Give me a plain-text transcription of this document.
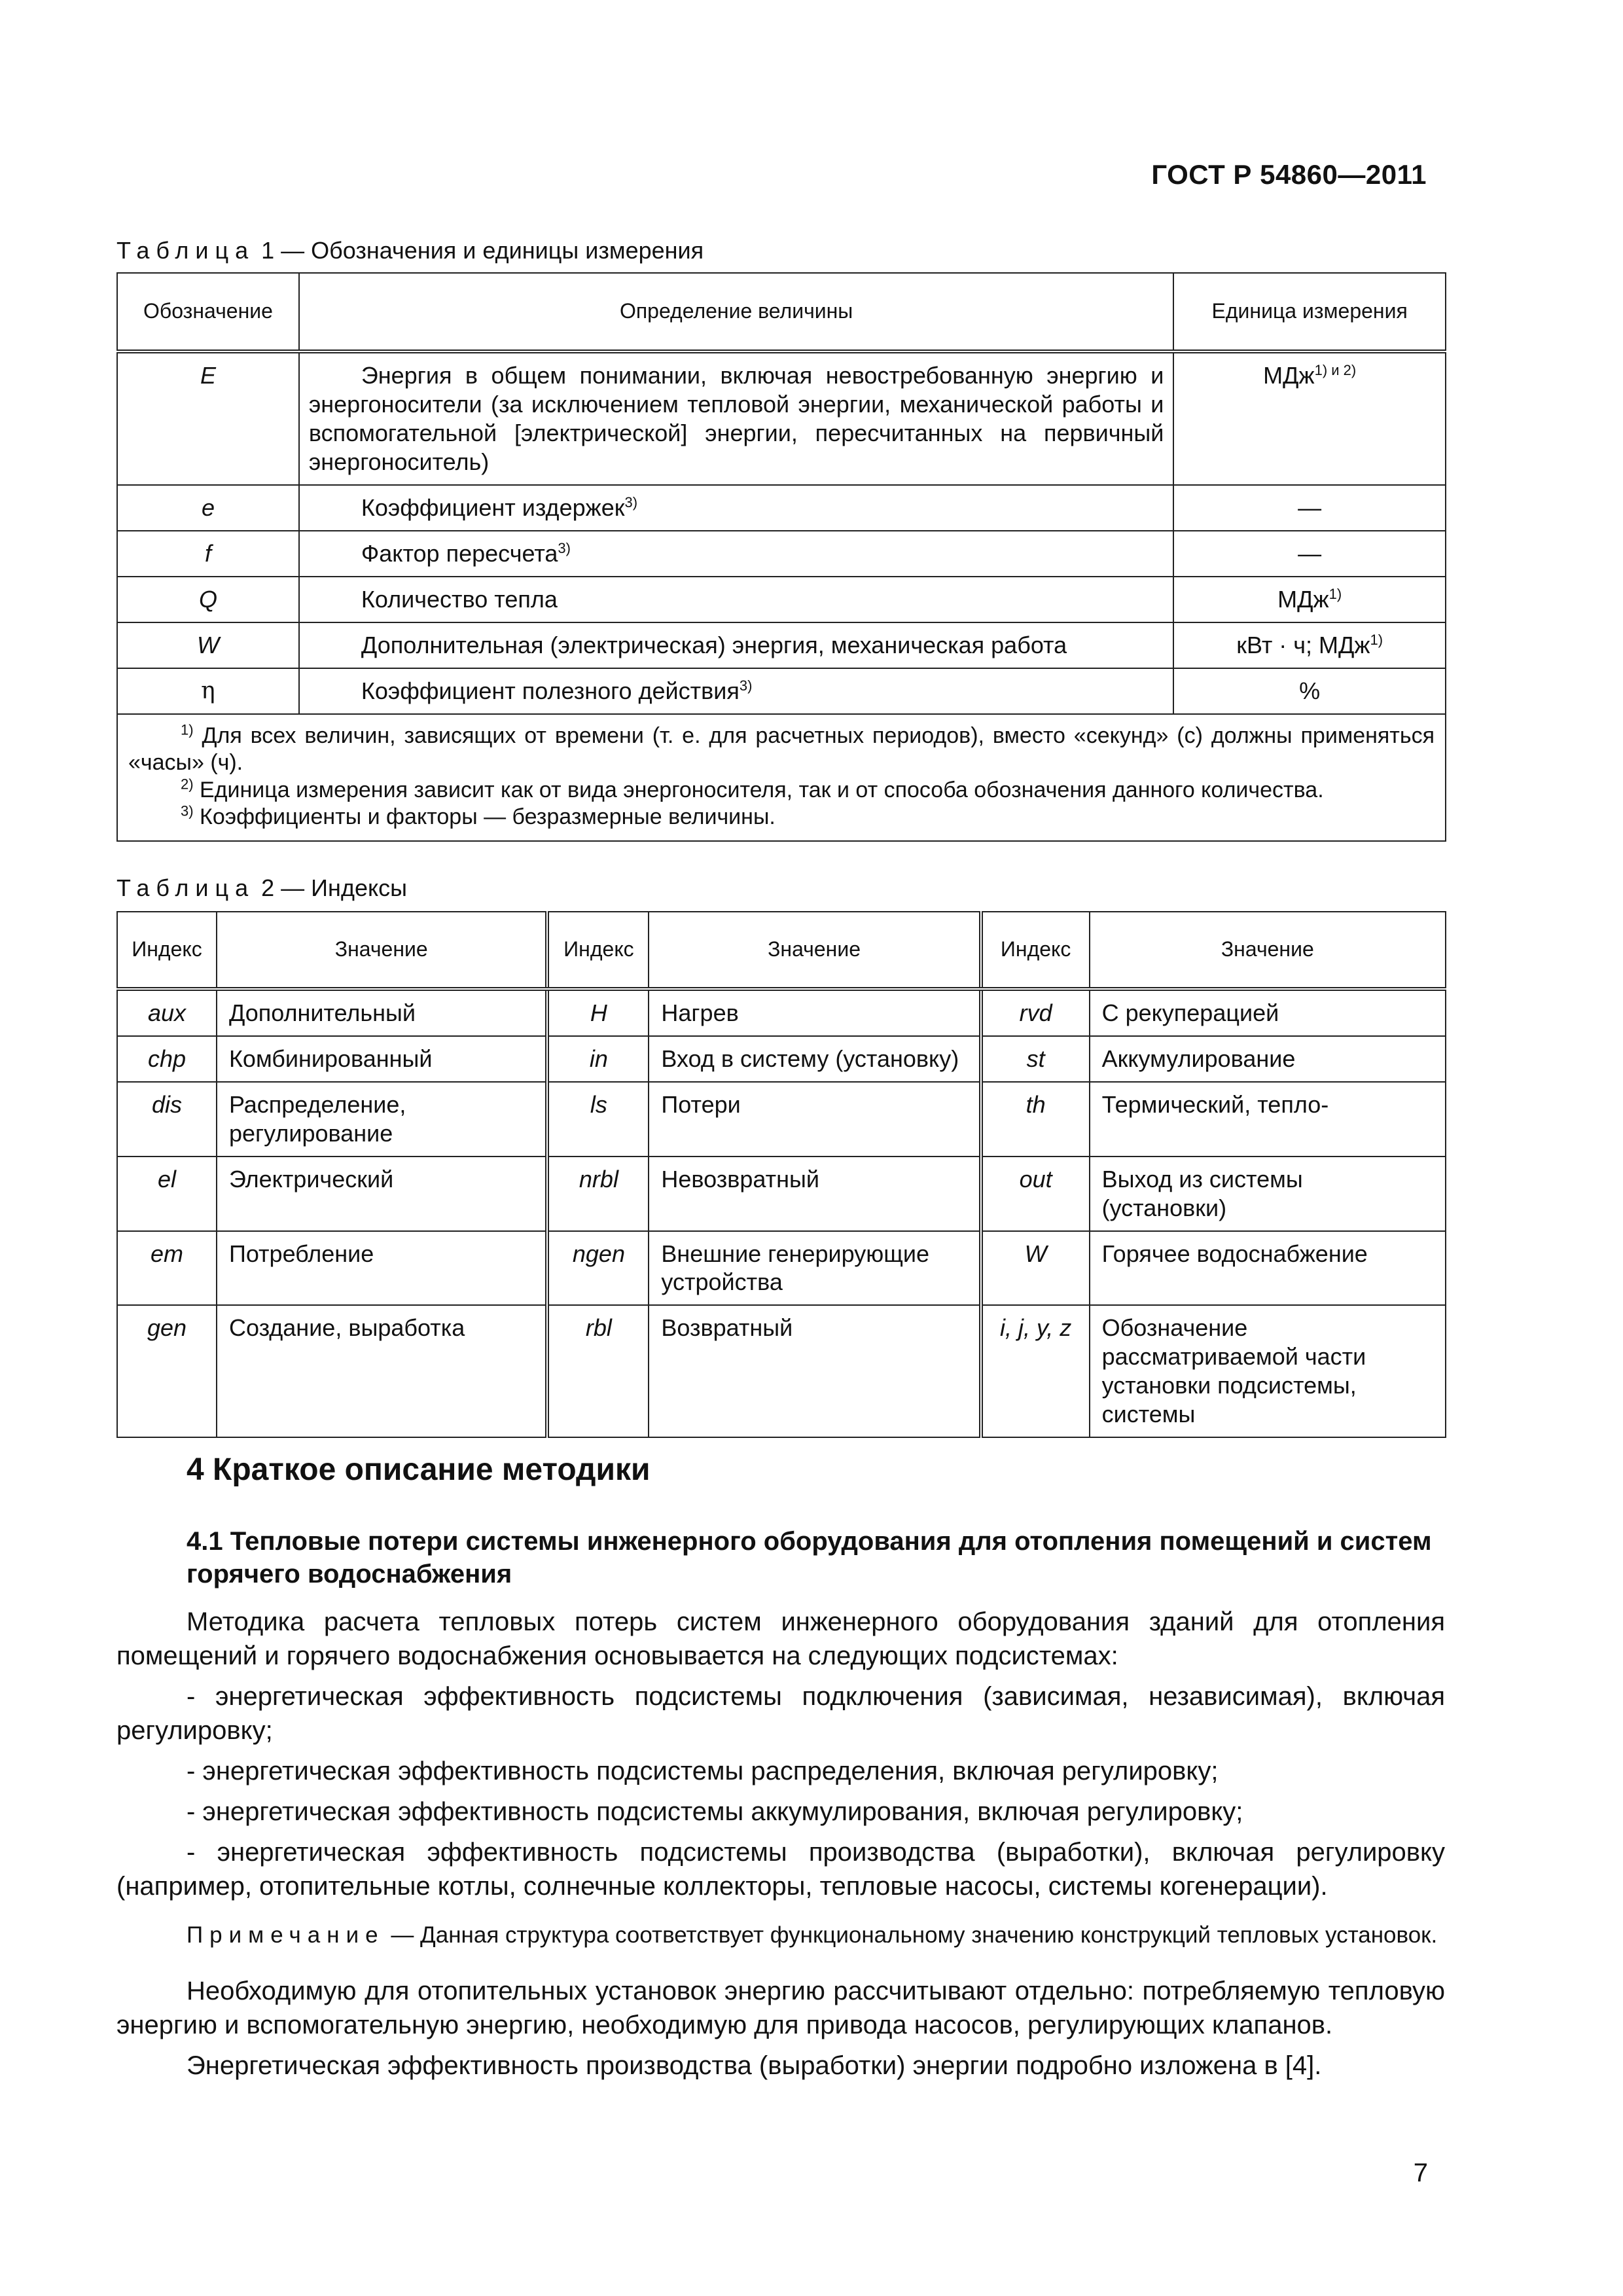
ГОСТ Р 54860—2011
Таблица 1 — Обозначения и единицы измерения
Обозначение	Определение величины	Единица измерения
E	Энергия в общем понимании, включая невостребованную энергию и энергоносители (за исключением тепловой энергии, механической работы и вспомогательной [электрической] энергии, пересчитанных на первичный энергоноситель)	МДж$^{1) и 2)}$
e	Коэффициент издержек$^{3)}$	—
f	Фактор пересчета$^{3)}$	—
Q	Количество тепла	МДж$^{1)}$
W	Дополнительная (электрическая) энергия, механическая работа	кВт · ч; МДж$^{1)}$
η	Коэффициент полезного действия$^{3)}$	%

$^{1)}$ Для всех величин, зависящих от времени (т. е. для расчетных периодов), вместо «секунд» (с) должны применяться «часы» (ч).

$^{2)}$ Единица измерения зависит как от вида энергоносителя, так и от способа обозначения данного количества.

$^{3)}$ Коэффициенты и факторы — безразмерные величины.		

Таблица 2 — Индексы
Индекс	Значение	Индекс	Значение	Индекс	Значение
aux	Дополнительный	H	Нагрев	rvd	С рекуперацией
chp	Комбинированный	in	Вход в систему (установку)	st	Аккумулирование
dis	Распределение, регулирование	ls	Потери	th	Термический, тепло-
el	Электрический	nrbl	Невозвратный	out	Выход из системы (установки)
em	Потребление	ngen	Внешние генерирующие устройства	W	Горячее водоснабжение
gen	Создание, выработка	rbl	Возвратный	i, j, y, z	Обозначение рассматриваемой части установки подсистемы, системы
4 Краткое описание методики
4.1 Тепловые потери системы инженерного оборудования для отопления помещений и систем горячего водоснабжения

Методика расчета тепловых потерь систем инженерного оборудования зданий для отопления помещений и горячего водоснабжения основывается на следующих подсистемах:

- энергетическая эффективность подсистемы подключения (зависимая, независимая), включая регулировку;

- энергетическая эффективность подсистемы распределения, включая регулировку;

- энергетическая эффективность подсистемы аккумулирования, включая регулировку;

- энергетическая эффективность подсистемы производства (выработки), включая регулировку (например, отопительные котлы, солнечные коллекторы, тепловые насосы, системы когенерации).

Примечание — Данная структура соответствует функциональному значению конструкций тепловых установок.

Необходимую для отопительных установок энергию рассчитывают отдельно: потребляемую тепловую энергию и вспомогательную энергию, необходимую для привода насосов, регулирующих клапанов.

Энергетическая эффективность производства (выработки) энергии подробно изложена в [4].

7
